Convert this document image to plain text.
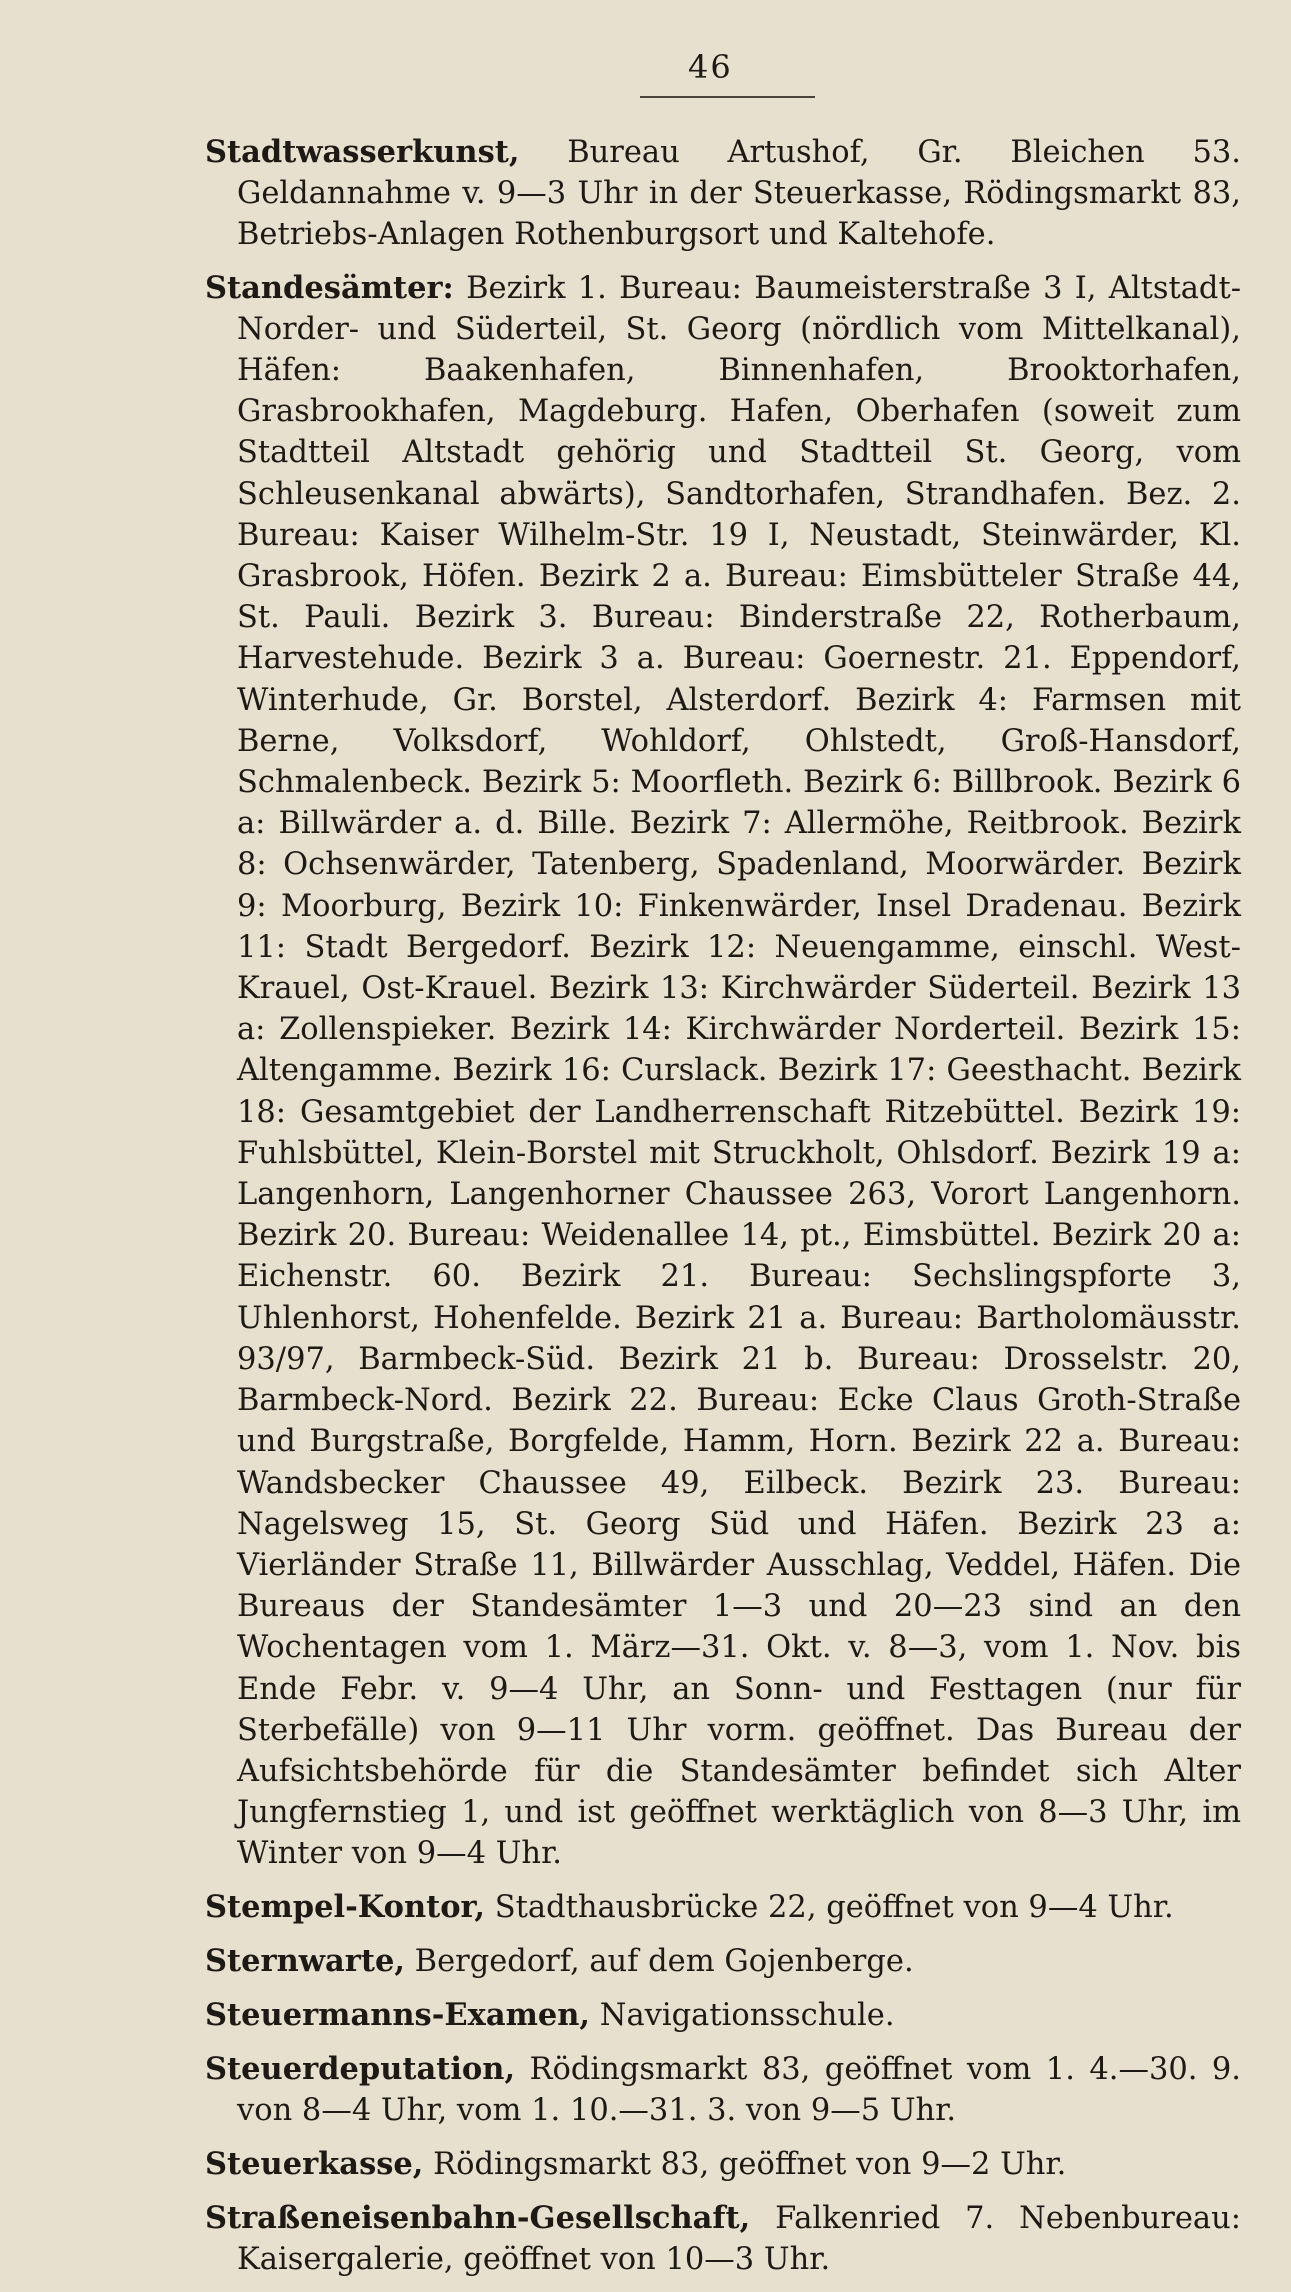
46

Stadtwasserkunst, Bureau Artushof, Gr. Bleichen 53. Geldannahme v. 9—3 Uhr in der Steuerkasse, Rödingsmarkt 83, Betriebs-Anlagen Rothenburgsort und Kaltehofe.

Standesämter: Bezirk 1. Bureau: Baumeisterstraße 3 I, Altstadt-Norder- und Süderteil, St. Georg (nördlich vom Mittelkanal), Häfen: Baakenhafen, Binnenhafen, Brooktorhafen, Grasbrookhafen, Magdeburg. Hafen, Oberhafen (soweit zum Stadtteil Altstadt gehörig und Stadtteil St. Georg, vom Schleusenkanal abwärts), Sandtorhafen, Strandhafen. Bez. 2. Bureau: Kaiser Wilhelm-Str. 19 I, Neustadt, Steinwärder, Kl. Grasbrook, Höfen. Bezirk 2 a. Bureau: Eimsbütteler Straße 44, St. Pauli. Bezirk 3. Bureau: Binderstraße 22, Rotherbaum, Harvestehude. Bezirk 3 a. Bureau: Goernestr. 21. Eppendorf, Winterhude, Gr. Borstel, Alsterdorf. Bezirk 4: Farmsen mit Berne, Volksdorf, Wohldorf, Ohlstedt, Groß-Hansdorf, Schmalenbeck. Bezirk 5: Moorfleth. Bezirk 6: Billbrook. Bezirk 6 a: Billwärder a. d. Bille. Bezirk 7: Allermöhe, Reitbrook. Bezirk 8: Ochsenwärder, Tatenberg, Spadenland, Moorwärder. Bezirk 9: Moorburg, Bezirk 10: Finkenwärder, Insel Dradenau. Bezirk 11: Stadt Bergedorf. Bezirk 12: Neuengamme, einschl. West-Krauel, Ost-Krauel. Bezirk 13: Kirchwärder Süderteil. Bezirk 13 a: Zollenspieker. Bezirk 14: Kirchwärder Norderteil. Bezirk 15: Altengamme. Bezirk 16: Curslack. Bezirk 17: Geesthacht. Bezirk 18: Gesamtgebiet der Landherrenschaft Ritzebüttel. Bezirk 19: Fuhlsbüttel, Klein-Borstel mit Struckholt, Ohlsdorf. Bezirk 19 a: Langenhorn, Langenhorner Chaussee 263, Vorort Langenhorn. Bezirk 20. Bureau: Weidenallee 14, pt., Eimsbüttel. Bezirk 20 a: Eichenstr. 60. Bezirk 21. Bureau: Sechslingspforte 3, Uhlenhorst, Hohenfelde. Bezirk 21 a. Bureau: Bartholomäusstr. 93/97, Barmbeck-Süd. Bezirk 21 b. Bureau: Drosselstr. 20, Barmbeck-Nord. Bezirk 22. Bureau: Ecke Claus Groth-Straße und Burgstraße, Borgfelde, Hamm, Horn. Bezirk 22 a. Bureau: Wandsbecker Chaussee 49, Eilbeck. Bezirk 23. Bureau: Nagelsweg 15, St. Georg Süd und Häfen. Bezirk 23 a: Vierländer Straße 11, Billwärder Ausschlag, Veddel, Häfen. Die Bureaus der Standesämter 1—3 und 20—23 sind an den Wochentagen vom 1. März—31. Okt. v. 8—3, vom 1. Nov. bis Ende Febr. v. 9—4 Uhr, an Sonn- und Festtagen (nur für Sterbefälle) von 9—11 Uhr vorm. geöffnet. Das Bureau der Aufsichtsbehörde für die Standesämter befindet sich Alter Jungfernstieg 1, und ist geöffnet werktäglich von 8—3 Uhr, im Winter von 9—4 Uhr.

Stempel-Kontor, Stadthausbrücke 22, geöffnet von 9—4 Uhr.

Sternwarte, Bergedorf, auf dem Gojenberge.

Steuermanns-Examen, Navigationsschule.

Steuerdeputation, Rödingsmarkt 83, geöffnet vom 1. 4.—30. 9. von 8—4 Uhr, vom 1. 10.—31. 3. von 9—5 Uhr.

Steuerkasse, Rödingsmarkt 83, geöffnet von 9—2 Uhr.

Straßeneisenbahn-Gesellschaft, Falkenried 7. Nebenbureau: Kaisergalerie, geöffnet von 10—3 Uhr.
